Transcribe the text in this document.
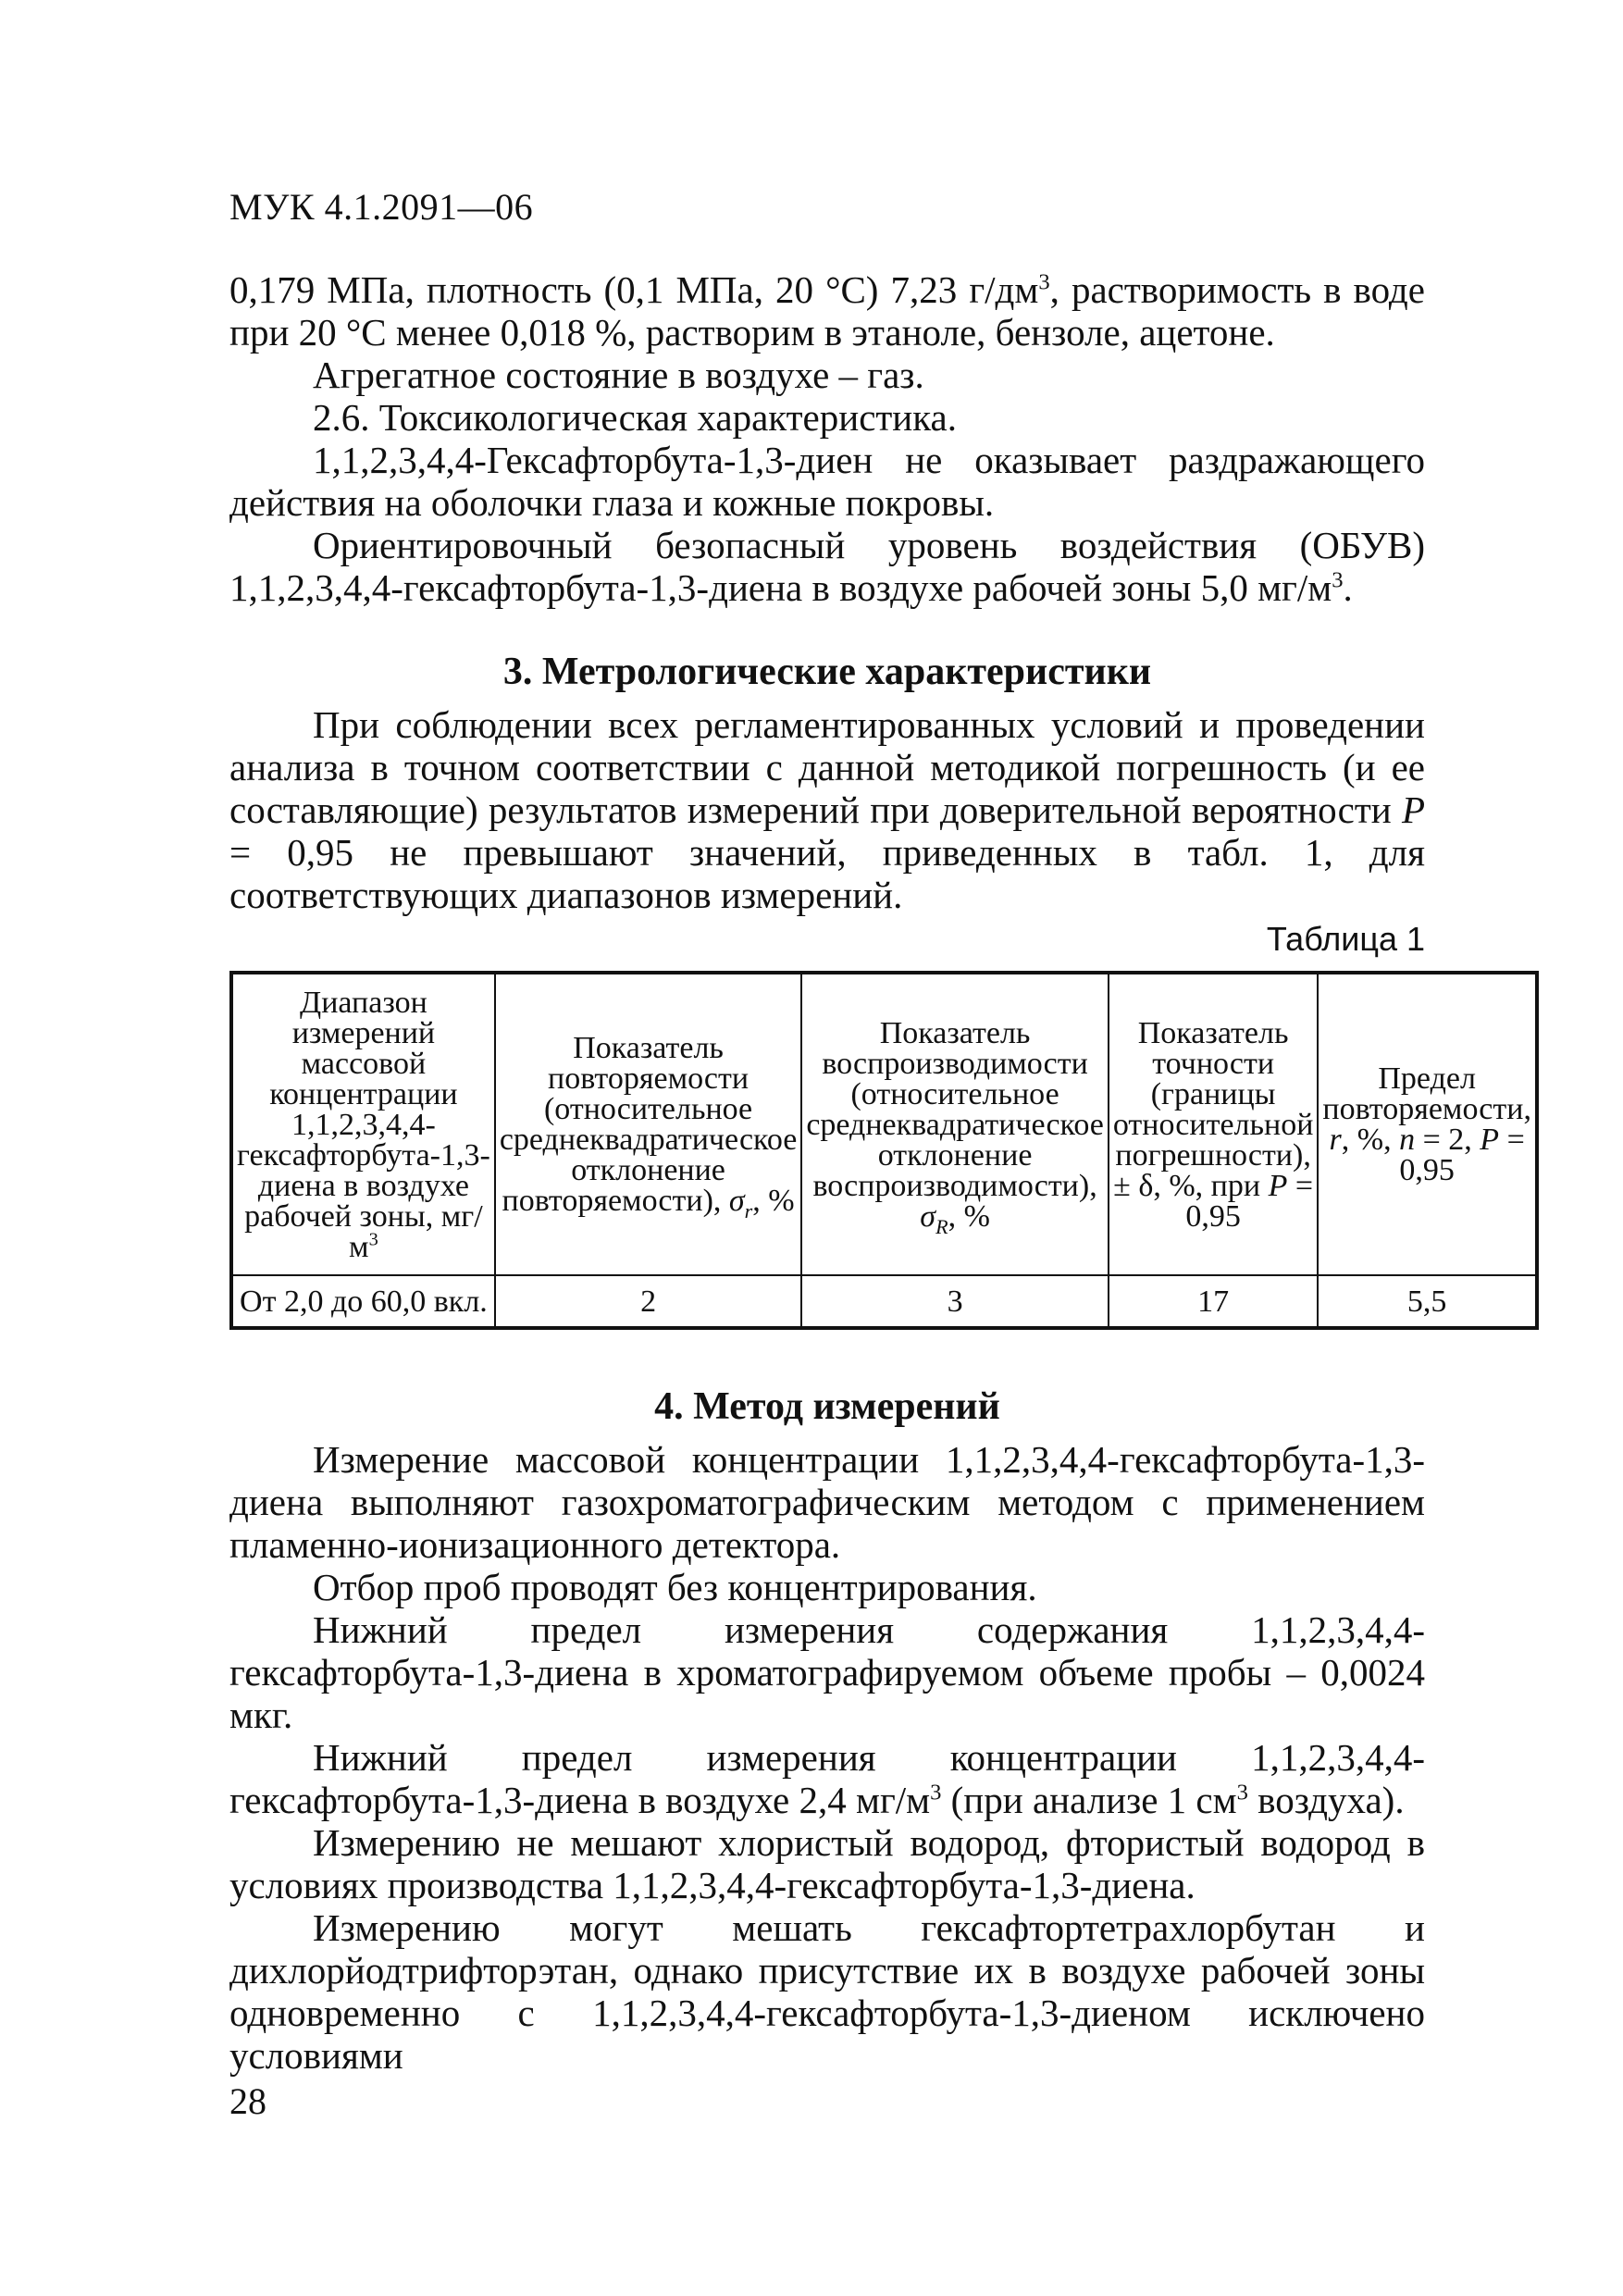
МУК 4.1.2091—06

0,179 МПа, плотность (0,1 МПа, 20 °С) 7,23 $г/дм^3$, растворимость в воде при 20 °С менее 0,018 %, растворим в этаноле, бензоле, ацетоне.

Агрегатное состояние в воздухе – газ.

2.6. Токсикологическая характеристика.

1,1,2,3,4,4-Гексафторбута-1,3-диен не оказывает раздражающего действия на оболочки глаза и кожные покровы.

Ориентировочный безопасный уровень воздействия (ОБУВ) 1,1,2,3,4,4-гексафторбута-1,3-диена в воздухе рабочей зоны 5,0 $мг/м^3$.

3. Метрологические характеристики

При соблюдении всех регламентированных условий и проведении анализа в точном соответствии с данной методикой погрешность (и ее составляющие) результатов измерений при доверительной вероятности Р = 0,95 не превышают значений, приведенных в табл. 1, для соответствующих диапазонов измерений.

Таблица 1
Диапазон измерений массовой концентрации 1,1,2,3,4,4-гексафторбута-1,3-диена в воздухе рабочей зоны, $мг/м^3$	Показатель повторяемости (относительное среднеквадратическое отклонение повторяемости), $\sigma_r$, %	Показатель воспроизводимости (относительное среднеквадратическое отклонение воспроизводимости), $\sigma_R$, %	Показатель точности (границы относительной погрешности), ± δ, %, при Р = 0,95	Предел повторяемости, r, %, n = 2, Р = 0,95
От 2,0 до 60,0 вкл.	2	3	17	5,5
4. Метод измерений

Измерение массовой концентрации 1,1,2,3,4,4-гексафторбута-1,3-диена выполняют газохроматографическим методом с применением пламенно-ионизационного детектора.

Отбор проб проводят без концентрирования.

Нижний предел измерения содержания 1,1,2,3,4,4-гексафторбута-1,3-диена в хроматографируемом объеме пробы – 0,0024 мкг.

Нижний предел измерения концентрации 1,1,2,3,4,4-гексафторбута-1,3-диена в воздухе 2,4 $мг/м^3$ (при анализе 1 $см^3$ воздуха).

Измерению не мешают хлористый водород, фтористый водород в условиях производства 1,1,2,3,4,4-гексафторбута-1,3-диена.

Измерению могут мешать гексафтортетрахлорбутан и дихлорйодтрифторэтан, однако присутствие их в воздухе рабочей зоны одновременно с 1,1,2,3,4,4-гексафторбута-1,3-диеном исключено условиями

28
